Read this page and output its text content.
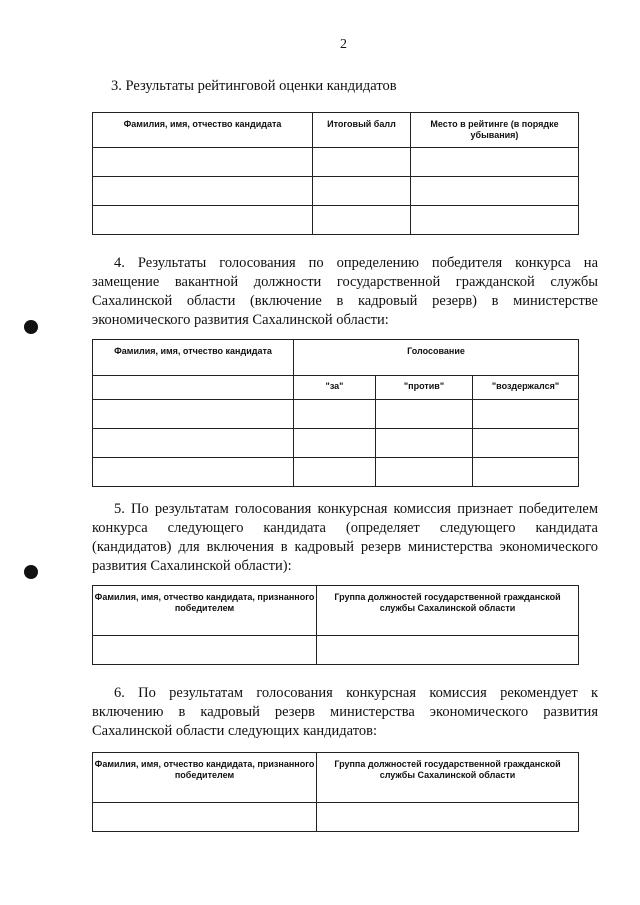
2
3. Результаты рейтинговой оценки кандидатов
Фамилия, имя, отчество кандидата	Итоговый балл	Место в рейтинге (в порядке убывания)

4. Результаты голосования по определению победителя конкурса на замещение вакантной должности государственной гражданской службы Сахалинской области (включение в кадровый резерв) в министерстве экономического развития Сахалинской области:
Фамилия, имя, отчество кандидата	Голосование		
	"за"	"против"	"воздержался"

5. По результатам голосования конкурсная комиссия признает победителем конкурса следующего кандидата (определяет следующего кандидата (кандидатов) для включения в кадровый резерв министерства экономического развития Сахалинской области):
Фамилия, имя, отчество кандидата, признанного победителем	Группа должностей государственной гражданской службы Сахалинской области

6. По результатам голосования конкурсная комиссия рекомендует к включению в кадровый резерв министерства экономического развития Сахалинской области следующих кандидатов:
Фамилия, имя, отчество кандидата, признанного победителем	Группа должностей государственной гражданской службы Сахалинской области
